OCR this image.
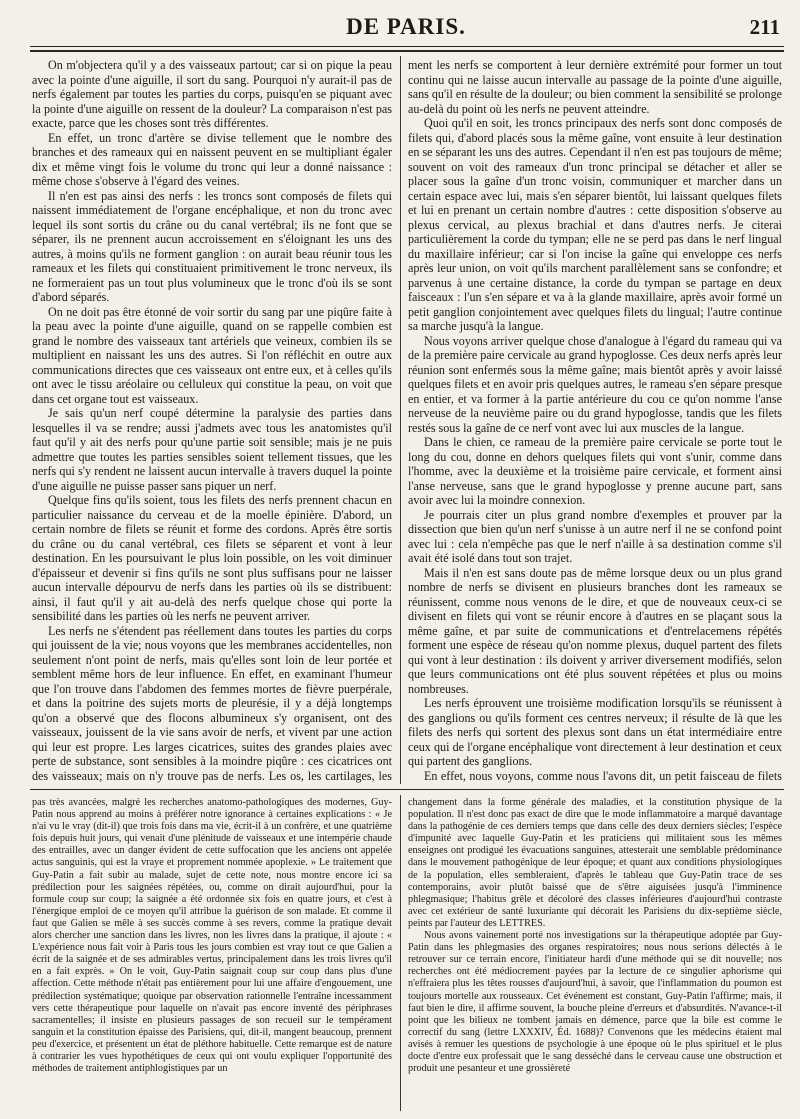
DE PARIS.	211

On m'objectera qu'il y a des vaisseaux partout; car si on pique la peau avec la pointe d'une aiguille, il sort du sang. Pourquoi n'y aurait-il pas de nerfs également par toutes les parties du corps, puisqu'en se piquant avec la pointe d'une aiguille on ressent de la douleur? La comparaison n'est pas exacte, parce que les choses sont très différentes.

En effet, un tronc d'artère se divise tellement que le nombre des branches et des rameaux qui en naissent peuvent en se multipliant égaler dix et même vingt fois le volume du tronc qui leur a donné naissance : même chose s'observe à l'égard des veines.

Il n'en est pas ainsi des nerfs : les troncs sont composés de filets qui naissent immédiatement de l'organe encéphalique, et non du tronc avec lequel ils sont sortis du crâne ou du canal vertébral; ils ne font que se séparer, ils ne prennent aucun accroissement en s'éloignant les uns des autres, à moins qu'ils ne forment ganglion : on aurait beau réunir tous les rameaux et les filets qui constituaient primitivement le tronc nerveux, ils ne formeraient pas un tout plus volumineux que le tronc d'où ils se sont d'abord séparés.

On ne doit pas être étonné de voir sortir du sang par une piqûre faite à la peau avec la pointe d'une aiguille, quand on se rappelle combien est grand le nombre des vaisseaux tant artériels que veineux, combien ils se multiplient en naissant les uns des autres. Si l'on réfléchit en outre aux communications directes que ces vaisseaux ont entre eux, et à celles qu'ils ont avec le tissu aréolaire ou celluleux qui constitue la peau, on voit que dans cet organe tout est vaisseaux.

Je sais qu'un nerf coupé détermine la paralysie des parties dans lesquelles il va se rendre; aussi j'admets avec tous les anatomistes qu'il faut qu'il y ait des nerfs pour qu'une partie soit sensible; mais je ne puis admettre que toutes les parties sensibles soient tellement tissues, que les nerfs qui s'y rendent ne laissent aucun intervalle à travers duquel la pointe d'une aiguille ne puisse passer sans piquer un nerf.

Quelque fins qu'ils soient, tous les filets des nerfs prennent chacun en particulier naissance du cerveau et de la moelle épinière. D'abord, un certain nombre de filets se réunit et forme des cordons. Après être sortis du crâne ou du canal vertébral, ces filets se séparent et vont à leur destination. En les poursuivant le plus loin possible, on les voit diminuer d'épaisseur et devenir si fins qu'ils ne sont plus suffisans pour ne laisser aucun intervalle dépourvu de nerfs dans les parties où ils se distribuent: ainsi, il faut qu'il y ait au-delà des nerfs quelque chose qui porte la sensibilité dans les parties où les nerfs ne peuvent arriver.

Les nerfs ne s'étendent pas réellement dans toutes les parties du corps qui jouissent de la vie; nous voyons que les membranes accidentelles, non seulement n'ont point de nerfs, mais qu'elles sont loin de leur portée et semblent même hors de leur influence. En effet, en examinant l'humeur que l'on trouve dans l'abdomen des femmes mortes de fièvre puerpérale, et dans la poitrine des sujets morts de pleurésie, il y a déjà longtemps qu'on a observé que des flocons albumineux s'y organisent, ont des vaisseaux, jouissent de la vie sans avoir de nerfs, et vivent par une action qui leur est propre. Les larges cicatrices, suites des grandes plaies avec perte de substance, sont sensibles à la moindre piqûre : ces cicatrices ont des vaisseaux; mais on n'y trouve pas de nerfs. Les os, les cartilages, les

ment les nerfs se comportent à leur dernière extrémité pour former un tout continu qui ne laisse aucun intervalle au passage de la pointe d'une aiguille, sans qu'il en résulte de la douleur; ou bien comment la sensibilité se prolonge au-delà du point où les nerfs ne peuvent atteindre.

Quoi qu'il en soit, les troncs principaux des nerfs sont donc composés de filets qui, d'abord placés sous la même gaîne, vont ensuite à leur destination en se séparant les uns des autres. Cependant il n'en est pas toujours de même; souvent on voit des rameaux d'un tronc principal se détacher et aller se placer sous la gaîne d'un tronc voisin, communiquer et marcher dans un certain espace avec lui, mais s'en séparer bientôt, lui laissant quelques filets et lui en prenant un certain nombre d'autres : cette disposition s'observe au plexus cervical, au plexus brachial et dans d'autres nerfs. Je citerai particulièrement la corde du tympan; elle ne se perd pas dans le nerf lingual du maxillaire inférieur; car si l'on incise la gaîne qui enveloppe ces nerfs après leur union, on voit qu'ils marchent parallèlement sans se confondre; et parvenus à une certaine distance, la corde du tympan se partage en deux faisceaux : l'un s'en sépare et va à la glande maxillaire, après avoir formé un petit ganglion conjointement avec quelques filets du lingual; l'autre continue sa marche jusqu'à la langue.

Nous voyons arriver quelque chose d'analogue à l'égard du rameau qui va de la première paire cervicale au grand hypoglosse. Ces deux nerfs après leur réunion sont enfermés sous la même gaîne; mais bientôt après y avoir laissé quelques filets et en avoir pris quelques autres, le rameau s'en sépare presque en entier, et va former à la partie antérieure du cou ce qu'on nomme l'anse nerveuse de la neuvième paire ou du grand hypoglosse, tandis que les filets restés sous la gaîne de ce nerf vont avec lui aux muscles de la langue.

Dans le chien, ce rameau de la première paire cervicale se porte tout le long du cou, donne en dehors quelques filets qui vont s'unir, comme dans l'homme, avec la deuxième et la troisième paire cervicale, et forment ainsi l'anse nerveuse, sans que le grand hypoglosse y prenne aucune part, sans avoir avec lui la moindre connexion.

Je pourrais citer un plus grand nombre d'exemples et prouver par la dissection que bien qu'un nerf s'unisse à un autre nerf il ne se confond point avec lui : cela n'empêche pas que le nerf n'aille à sa destination comme s'il avait été isolé dans tout son trajet.

Mais il n'en est sans doute pas de même lorsque deux ou un plus grand nombre de nerfs se divisent en plusieurs branches dont les rameaux se réunissent, comme nous venons de le dire, et que de nouveaux ceux-ci se divisent en filets qui vont se réunir encore à d'autres en se plaçant sous la même gaîne, et par suite de communications et d'entrelacemens répétés forment une espèce de réseau qu'on nomme plexus, duquel partent des filets qui vont à leur destination : ils doivent y arriver diversement modifiés, selon que leurs communications ont été plus souvent répétées et plus ou moins nombreuses.

Les nerfs éprouvent une troisième modification lorsqu'ils se réunissent à des ganglions ou qu'ils forment ces centres nerveux; il résulte de là que les filets des nerfs qui sortent des plexus sont dans un état intermédiaire entre ceux qui de l'organe encéphalique vont directement à leur destination et ceux qui partent des ganglions.

En effet, nous voyons, comme nous l'avons dit, un petit faisceau de filets

pas très avancées, malgré les recherches anatomo-pathologiques des modernes, Guy-Patin nous apprend au moins à préférer notre ignorance à certaines explications : « Je n'ai vu le vray (dit-il) que trois fois dans ma vie, écrit-il à un confrère, et une quatrième fois depuis huit jours, qui venait d'une plénitude de vaisseaux et une intempérie chaude des entrailles, avec un danger évident de cette suffocation que les anciens ont appelée actus sanguinis, qui est la vraye et proprement nommée apoplexie. » Le traitement que Guy-Patin a fait subir au malade, sujet de cette note, nous montre encore ici sa prédilection pour les saignées répétées, ou, comme on dirait aujourd'hui, pour la formule coup sur coup; la saignée a été ordonnée six fois en quatre jours, et c'est à l'énergique emploi de ce moyen qu'il attribue la guérison de son malade. Et comme il faut que Galien se mêle à ses succès comme à ses revers, comme la pratique devait alors chercher une sanction dans les livres, non les livres dans la pratique, il ajoute : « L'expérience nous fait voir à Paris tous les jours combien est vray tout ce que Galien a écrit de la saignée et de ses admirables vertus, principalement dans les trois livres qu'il en a fait exprès. » On le voit, Guy-Patin saignait coup sur coup dans plus d'une affection. Cette méthode n'était pas entièrement pour lui une affaire d'engouement, une prédilection systématique; quoique par observation rationnelle l'entraîne incessamment vers cette thérapeutique pour laquelle on n'avait pas encore inventé des périphrases sacramentelles; il insiste en plusieurs passages de son recueil sur le tempérament sanguin et la constitution épaisse des Parisiens, qui, dit-il, mangent beaucoup, prennent peu d'exercice, et présentent un état de pléthore habituelle. Cette remarque est de nature à contrarier les vues hypothétiques de ceux qui ont voulu expliquer l'opportunité des méthodes de traitement antiphlogistiques par un

changement dans la forme générale des maladies, et la constitution physique de la population. Il n'est donc pas exact de dire que le mode inflammatoire a marqué davantage dans la pathogénie de ces derniers temps que dans celle des deux derniers siècles; l'espèce d'impunité avec laquelle Guy-Patin et les praticiens qui militaient sous les mêmes enseignes ont prodigué les évacuations sanguines, attesterait une semblable prédominance dans le mouvement pathogénique de leur époque; et quant aux conditions physiologiques de la population, elles sembleraient, d'après le tableau que Guy-Patin trace de ses contemporains, avoir plutôt baissé que de s'être aiguisées jusqu'à l'imminence phlegmasique; l'habitus grêle et décoloré des classes inférieures d'aujourd'hui contraste avec cet extérieur de santé luxuriante qui décorait les Parisiens du dix-septième siècle, peints par l'auteur des LETTRES.

Nous avons vainement porté nos investigations sur la thérapeutique adoptée par Guy-Patin dans les phlegmasies des organes respiratoires; nous nous serions délectés à le retrouver sur ce terrain encore, l'initiateur hardi d'une méthode qui se dit nouvelle; nos recherches ont été médiocrement payées par la lecture de ce singulier aphorisme qui n'effraiera plus les têtes rousses d'aujourd'hui, à savoir, que l'inflammation du poumon est toujours mortelle aux rousseaux. Cet événement est constant, Guy-Patin l'affirme; mais, il faut bien le dire, il affirme souvent, la bouche pleine d'erreurs et d'absurdités. N'avance-t-il point que les bilieux ne tombent jamais en démence, parce que la bile est comme le correctif du sang (lettre LXXXIV, Éd. 1688)? Convenons que les médecins étaient mal avisés à remuer les questions de psychologie à une époque où le plus spirituel et le plus docte d'entre eux professait que le sang desséché dans le cerveau cause une obstruction et produit une pesanteur et une grossièreté
